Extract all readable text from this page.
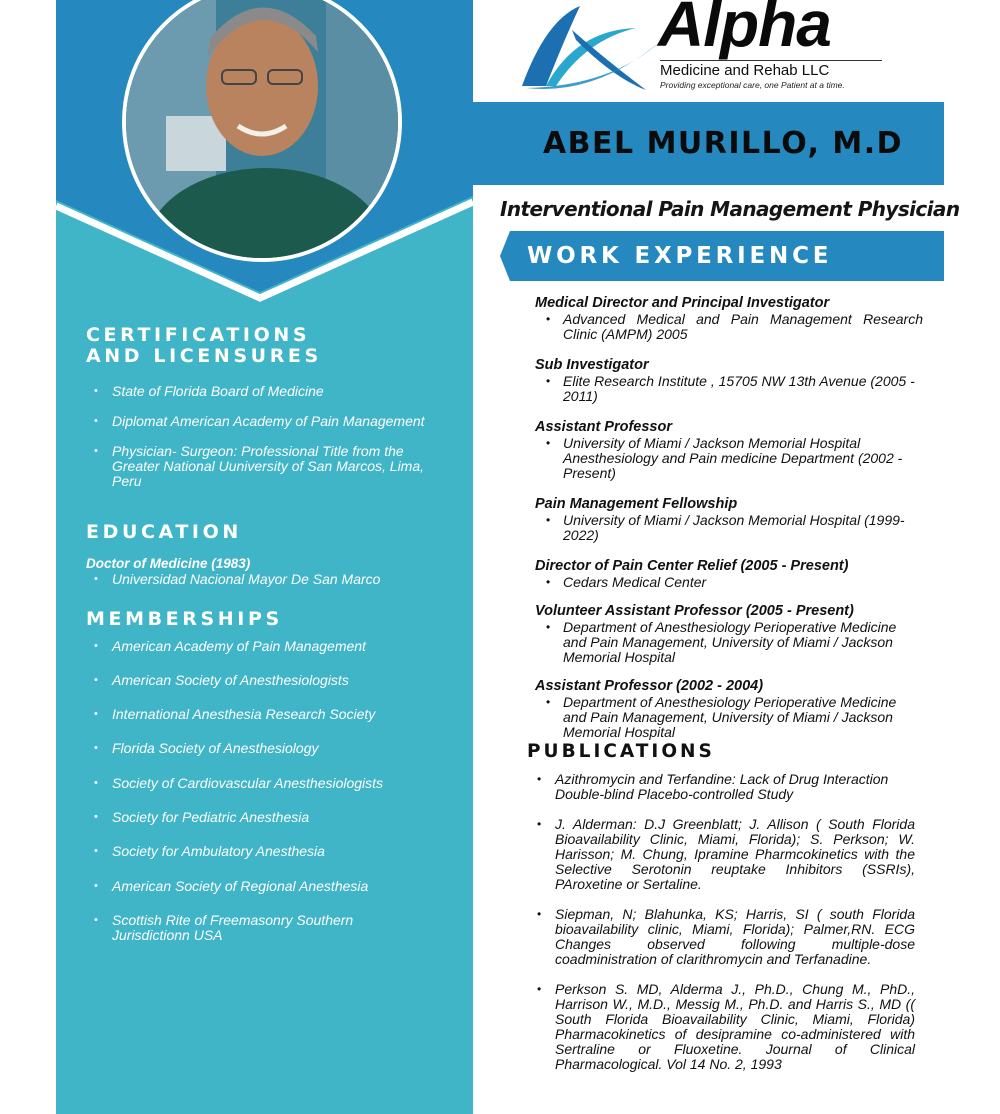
CERTIFICATIONS
AND LICENSURES
• State of Florida Board of Medicine
• Diplomat American Academy of Pain Management
• Physician- Surgeon: Professional Title from the Greater National Uuniversity of San Marcos, Lima, Peru
EDUCATION
Doctor of Medicine (1983)
• Universidad Nacional Mayor De San Marco
MEMBERSHIPS
• American Academy of Pain Management
• American Society of Anesthesiologists
• International Anesthesia Research Society
• Florida Society of Anesthesiology
• Society of Cardiovascular Anesthesiologists
• Society for Pediatric Anesthesia
• Society for Ambulatory Anesthesia
• American Society of Regional Anesthesia
• Scottish Rite of Freemasonry Southern Jurisdictionn USA
Alpha
Medicine and Rehab LLC
Providing exceptional care, one Patient at a time.
ABEL MURILLO, M.D
Interventional Pain Management Physician
WORK EXPERIENCE
Medical Director and Principal Investigator
• Advanced Medical and Pain Management Research Clinic (AMPM) 2005
Sub Investigator
• Elite Research Institute , 15705 NW 13th Avenue (2005 - 2011)
Assistant Professor
• University of Miami / Jackson Memorial Hospital Anesthesiology and Pain medicine Department (2002 - Present)
Pain Management Fellowship
• University of Miami / Jackson Memorial Hospital (1999- 2022)
Director of Pain Center Relief (2005 - Present)
• Cedars Medical Center
Volunteer Assistant Professor (2005 - Present)
• Department of Anesthesiology Perioperative Medicine and Pain Management, University of Miami / Jackson Memorial Hospital
Assistant Professor (2002 - 2004)
• Department of Anesthesiology Perioperative Medicine and Pain Management, University of Miami / Jackson Memorial Hospital
PUBLICATIONS
• Azithromycin and Terfandine: Lack of Drug Interaction Double-blind Placebo-controlled Study
• J. Alderman: D.J Greenblatt; J. Allison ( South Florida Bioavailability Clinic, Miami, Florida); S. Perkson; W. Harisson; M. Chung, Ipramine Pharmcokinetics with the Selective Serotonin reuptake Inhibitors (SSRIs), PAroxetine or Sertaline.
• Siepman, N; Blahunka, KS; Harris, SI ( south Florida bioavailability clinic, Miami, Florida); Palmer,RN. ECG Changes observed following multiple-dose coadministration of clarithromycin and Terfanadine.
• Perkson S. MD, Alderma J., Ph.D., Chung M., PhD., Harrison W., M.D., Messig M., Ph.D. and Harris S., MD (( South Florida Bioavailability Clinic, Miami, Florida) Pharmacokinetics of desipramine co-administered with Sertraline or Fluoxetine. Journal of Clinical Pharmacological. Vol 14 No. 2, 1993
